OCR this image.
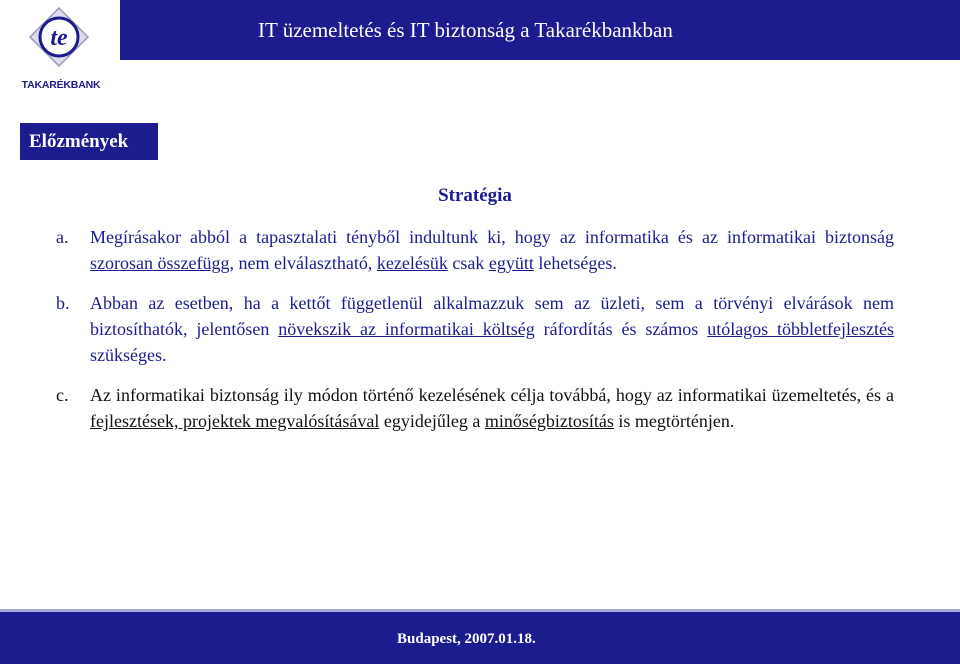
IT üzemeltetés és IT biztonság a Takarékbankban
te
TAKARÉKBANK
Előzmények
Stratégia
a. Megírásakor abból a tapasztalati tényből indultunk ki, hogy az informatika és az informatikai biztonság szorosan összefügg, nem elválasztható, kezelésük csak együtt lehetséges.
b. Abban az esetben, ha a kettőt függetlenül alkalmazzuk sem az üzleti, sem a törvényi elvárások nem biztosíthatók, jelentősen növekszik az informatikai költség ráfordítás és számos utólagos többletfejlesztés szükséges.
c. Az informatikai biztonság ily módon történő kezelésének célja továbbá, hogy az informatikai üzemeltetés, és a fejlesztések, projektek megvalósításával egyidejűleg a minőségbiztosítás is megtörténjen.
Budapest, 2007.01.18.
